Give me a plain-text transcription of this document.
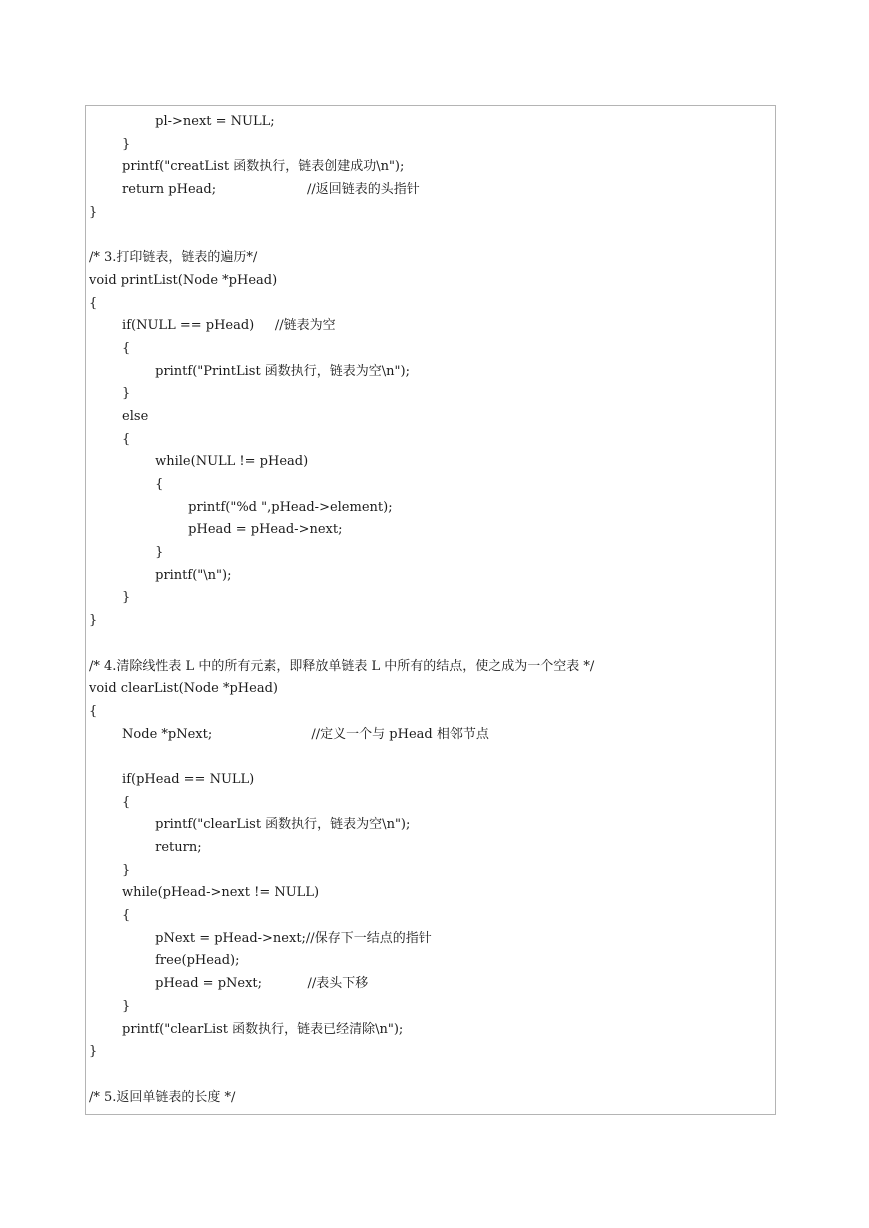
pl->next = NULL;
}
printf("creatList 函数执行，链表创建成功\n");
return pHead;                      //返回链表的头指针
}
/* 3.打印链表，链表的遍历*/
void printList(Node *pHead)
{
if(NULL == pHead)     //链表为空
{
printf("PrintList 函数执行，链表为空\n");
}
else
{
while(NULL != pHead)
{
printf("%d ",pHead->element);
pHead = pHead->next;
}
printf("\n");
}
}
/* 4.清除线性表 L 中的所有元素，即释放单链表 L 中所有的结点，使之成为一个空表 */
void clearList(Node *pHead)
{
Node *pNext;                        //定义一个与 pHead 相邻节点
if(pHead == NULL)
{
printf("clearList 函数执行，链表为空\n");
return;
}
while(pHead->next != NULL)
{
pNext = pHead->next;//保存下一结点的指针
free(pHead);
pHead = pNext;           //表头下移
}
printf("clearList 函数执行，链表已经清除\n");
}
/* 5.返回单链表的长度 */
